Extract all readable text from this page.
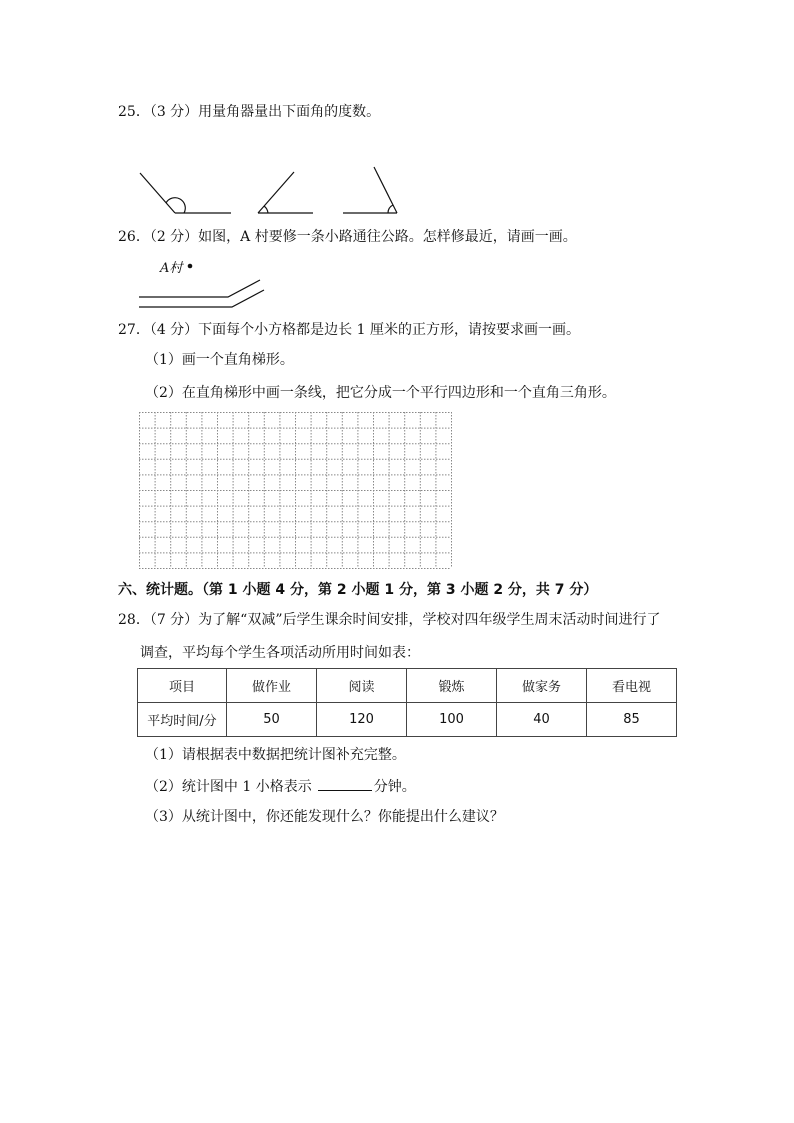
25．（3 分）用量角器量出下面角的度数。
26．（2 分）如图，A 村要修一条小路通往公路。怎样修最近，请画一画。
A村
27．（4 分）下面每个小方格都是边长 1 厘米的正方形，请按要求画一画。
（1）画一个直角梯形。
（2）在直角梯形中画一条线，把它分成一个平行四边形和一个直角三角形。
六、统计题。（第 1 小题 4 分，第 2 小题 1 分，第 3 小题 2 分，共 7 分）
28．（7 分）为了解“双减”后学生课余时间安排，学校对四年级学生周末活动时间进行了
调查，平均每个学生各项活动所用时间如表：
项目	做作业	阅读	锻炼	做家务	看电视
平均时间/分	50	120	100	40	85
（1）请根据表中数据把统计图补充完整。
（2）统计图中 1 小格表示	分钟。
（3）从统计图中，你还能发现什么？你能提出什么建议？
